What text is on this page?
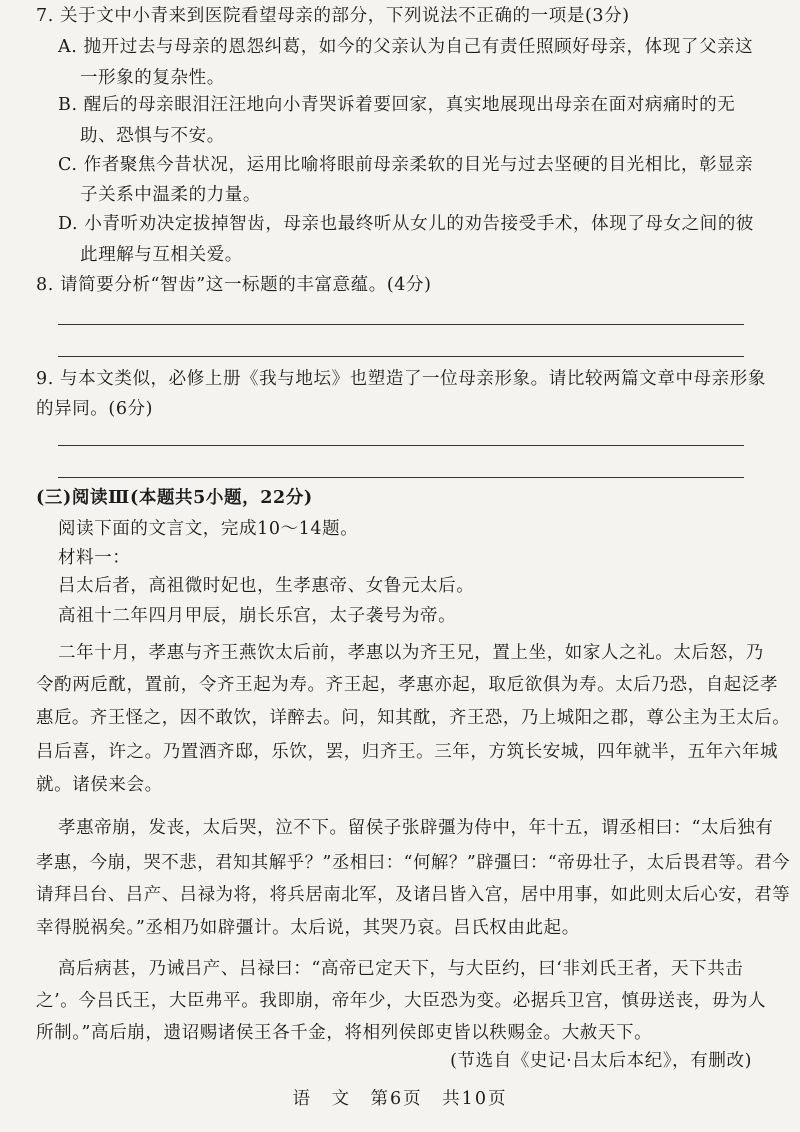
7. 关于文中小青来到医院看望母亲的部分，下列说法不正确的一项是(3分)
A. 抛开过去与母亲的恩怨纠葛，如今的父亲认为自己有责任照顾好母亲，体现了父亲这
一形象的复杂性。
B. 醒后的母亲眼泪汪汪地向小青哭诉着要回家，真实地展现出母亲在面对病痛时的无
助、恐惧与不安。
C. 作者聚焦今昔状况，运用比喻将眼前母亲柔软的目光与过去坚硬的目光相比，彰显亲
子关系中温柔的力量。
D. 小青听劝决定拔掉智齿，母亲也最终听从女儿的劝告接受手术，体现了母女之间的彼
此理解与互相关爱。
8. 请简要分析“智齿”这一标题的丰富意蕴。(4分)
9. 与本文类似，必修上册《我与地坛》也塑造了一位母亲形象。请比较两篇文章中母亲形象
的异同。(6分)
(三)阅读Ⅲ(本题共5小题，22分)
阅读下面的文言文，完成10～14题。
材料一：
吕太后者，高祖微时妃也，生孝惠帝、女鲁元太后。
高祖十二年四月甲辰，崩长乐宫，太子袭号为帝。
二年十月，孝惠与齐王燕饮太后前，孝惠以为齐王兄，置上坐，如家人之礼。太后怒，乃
令酌两卮酖，置前，令齐王起为寿。齐王起，孝惠亦起，取卮欲俱为寿。太后乃恐，自起泛孝
惠卮。齐王怪之，因不敢饮，详醉去。问，知其酖，齐王恐，乃上城阳之郡，尊公主为王太后。
吕后喜，许之。乃置酒齐邸，乐饮，罢，归齐王。三年，方筑长安城，四年就半，五年六年城
就。诸侯来会。
孝惠帝崩，发丧，太后哭，泣不下。留侯子张辟彊为侍中，年十五，谓丞相曰：“太后独有
孝惠，今崩，哭不悲，君知其解乎？”丞相曰：“何解？”辟彊曰：“帝毋壮子，太后畏君等。君今
请拜吕台、吕产、吕禄为将，将兵居南北军，及诸吕皆入宫，居中用事，如此则太后心安，君等
幸得脱祸矣。”丞相乃如辟彊计。太后说，其哭乃哀。吕氏权由此起。
高后病甚，乃诫吕产、吕禄曰：“高帝已定天下，与大臣约，曰‘非刘氏王者，天下共击
之’。今吕氏王，大臣弗平。我即崩，帝年少，大臣恐为变。必据兵卫宫，慎毋送丧，毋为人
所制。”高后崩，遗诏赐诸侯王各千金，将相列侯郎吏皆以秩赐金。大赦天下。
(节选自《史记·吕太后本纪》，有删改)
语　文　第6页　共10页
